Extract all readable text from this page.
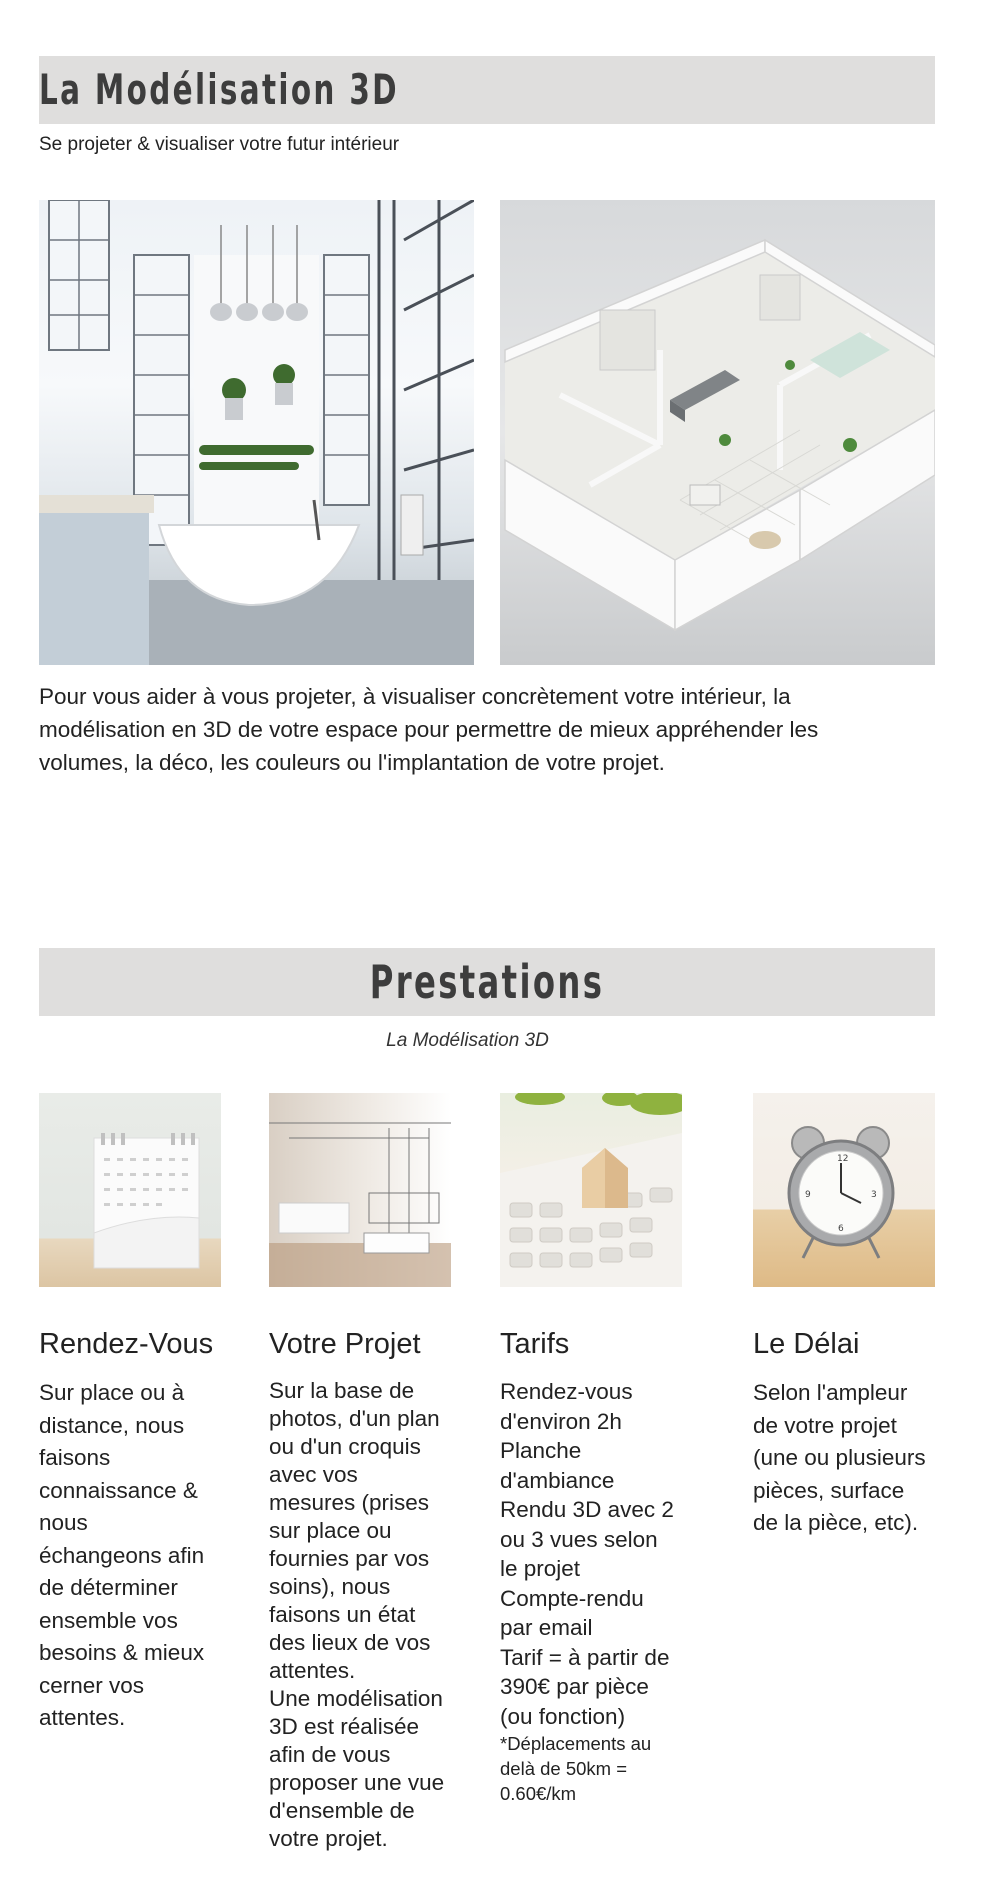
La Modélisation 3D
Se projeter & visualiser votre futur intérieur

Pour vous aider à vous projeter, à visualiser concrètement votre intérieur, la modélisation en 3D de votre espace pour permettre de mieux appréhender les volumes, la déco, les couleurs ou l'implantation de votre projet.

Prestations
La Modélisation 3D
12
3
6
9
Rendez-Vous Votre Projet	Tarifs	Le Délai
Sur place ou à
distance, nous
faisons
connaissance &
nous
échangeons afin
de déterminer
ensemble vos
besoins & mieux
cerner vos
attentes.
Sur la base de
photos, d'un plan
ou d'un croquis
avec vos
mesures (prises
sur place ou
fournies par vos
soins), nous
faisons un état
des lieux de vos
attentes.
Une modélisation
3D est réalisée
afin de vous
proposer une vue
d'ensemble de
votre projet.
Rendez-vous
d'environ 2h
Planche
d'ambiance
Rendu 3D avec 2
ou 3 vues selon
le projet
Compte-rendu
par email
Tarif = à partir de
390€ par pièce
(ou fonction)
*Déplacements au
delà de 50km =
0.60€/km
Selon l'ampleur
de votre projet
(une ou plusieurs
pièces, surface
de la pièce, etc).
